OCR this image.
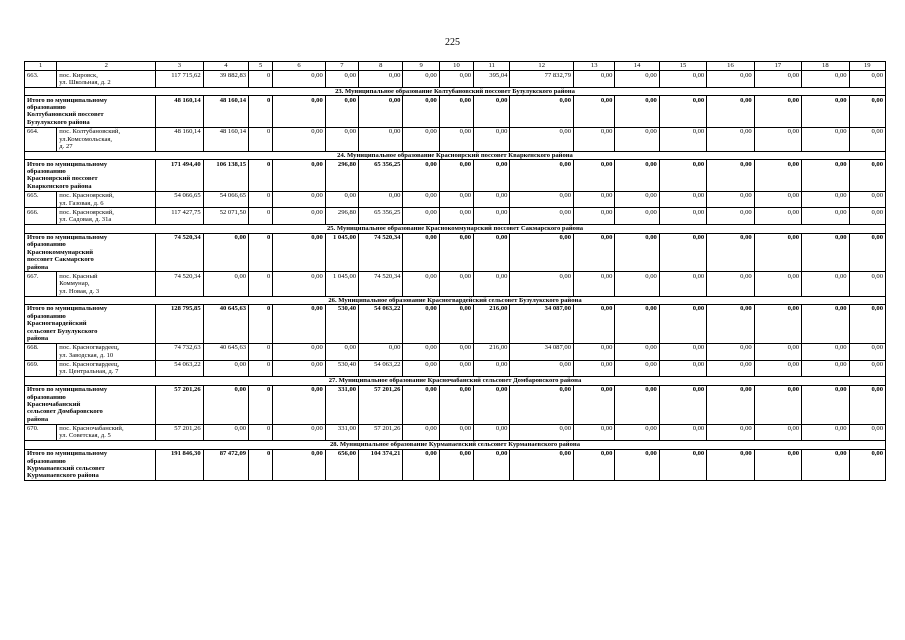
225
1	2	3	4	5	6	7	8	9	10	11	12	13	14	15	16	17	18	19
663.	пос. Кировск,
ул. Школьная, д. 2	117 715,62	39 882,83	0	0,00	0,00	0,00	0,00	0,00	395,04	77 832,79	0,00	0,00	0,00	0,00	0,00	0,00	0,00
23. Муниципальное образование Колтубановский поссовет Бузулукского района																		

Итого по муниципальному
образованию
Колтубановский поссовет
Бузулукского района		48 160,14	48 160,14	0	0,00	0,00	0,00	0,00	0,00	0,00	0,00	0,00	0,00	0,00	0,00	0,00	0,00	0,00
664.	пос. Колтубановский,
ул.Комсомольская,
д. 27	48 160,14	48 160,14	0	0,00	0,00	0,00	0,00	0,00	0,00	0,00	0,00	0,00	0,00	0,00	0,00	0,00	0,00
24. Муниципальное образование Красноярский поссовет Кваркенского района																		

Итого по муниципальному
образованию
Красноярский поссовет
Кваркенского района		171 494,40	106 138,15	0	0,00	296,80	65 356,25	0,00	0,00	0,00	0,00	0,00	0,00	0,00	0,00	0,00	0,00	0,00
665.	пос. Красноярский,
ул. Газовая, д. 6	54 066,65	54 066,65	0	0,00	0,00	0,00	0,00	0,00	0,00	0,00	0,00	0,00	0,00	0,00	0,00	0,00	0,00
666.	пос. Красноярский,
ул. Садовая, д. 31а	117 427,75	52 071,50	0	0,00	296,80	65 356,25	0,00	0,00	0,00	0,00	0,00	0,00	0,00	0,00	0,00	0,00	0,00
25. Муниципальное образование Краснокоммунарский поссовет Сакмарского района																		

Итого по муниципальному
образованию
Краснокоммунарский
поссовет Сакмарского
района		74 520,34	0,00	0	0,00	1 045,00	74 520,34	0,00	0,00	0,00	0,00	0,00	0,00	0,00	0,00	0,00	0,00	0,00
667.	пос. Красный
Коммунар,
ул. Новая, д. 3	74 520,34	0,00	0	0,00	1 045,00	74 520,34	0,00	0,00	0,00	0,00	0,00	0,00	0,00	0,00	0,00	0,00	0,00
26. Муниципальное образование Красногвардейский сельсовет Бузулукского района																		

Итого по муниципальному
образованию
Красногвардейский
сельсовет Бузулукского
района		128 795,85	40 645,63	0	0,00	530,40	54 063,22	0,00	0,00	216,00	34 087,00	0,00	0,00	0,00	0,00	0,00	0,00	0,00
668.	пос. Красногвардеец,
ул. Заводская, д. 10	74 732,63	40 645,63	0	0,00	0,00	0,00	0,00	0,00	216,00	34 087,00	0,00	0,00	0,00	0,00	0,00	0,00	0,00
669.	пос. Красногвардеец,
ул. Центральная, д. 7	54 063,22	0,00	0	0,00	530,40	54 063,22	0,00	0,00	0,00	0,00	0,00	0,00	0,00	0,00	0,00	0,00	0,00
27. Муниципальное образование Красночабанский сельсовет Домбаровского района																		

Итого по муниципальному
образованию
Красночабанский
сельсовет Домбаровского
района		57 201,26	0,00	0	0,00	331,00	57 201,26	0,00	0,00	0,00	0,00	0,00	0,00	0,00	0,00	0,00	0,00	0,00
670.	пос. Красночабанский,
ул. Советская, д. 5	57 201,26	0,00	0	0,00	331,00	57 201,26	0,00	0,00	0,00	0,00	0,00	0,00	0,00	0,00	0,00	0,00	0,00
28. Муниципальное образование Курманаевский сельсовет Курманаевского района																		

Итого по муниципальному
образованию
Курманаевский сельсовет
Курманаевского района		191 846,30	87 472,09	0	0,00	656,00	104 374,21	0,00	0,00	0,00	0,00	0,00	0,00	0,00	0,00	0,00	0,00	0,00
